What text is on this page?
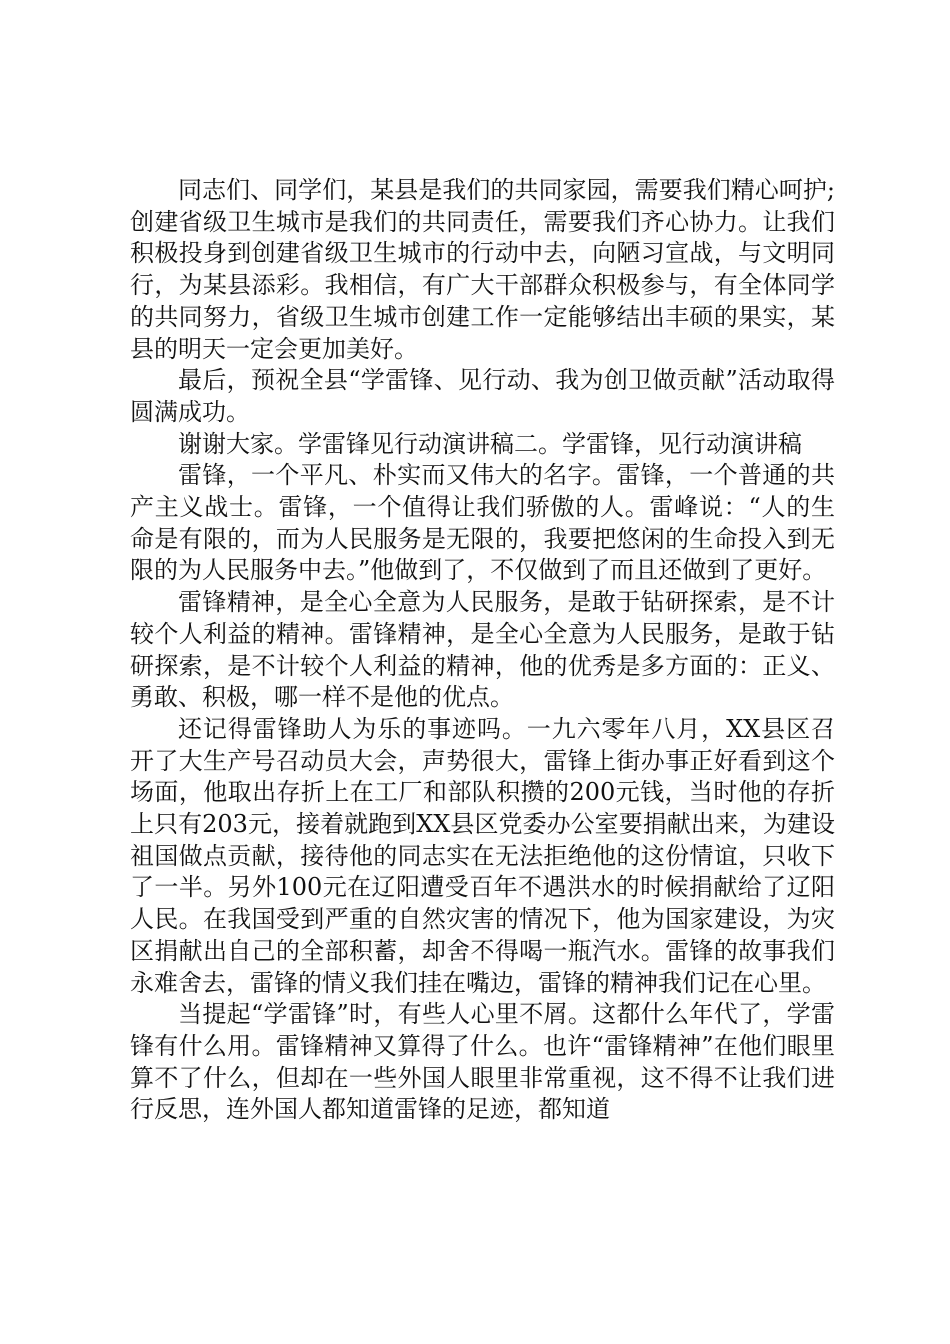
同志们、同学们，某县是我们的共同家园，需要我们精心呵护;创建省级卫生城市是我们的共同责任，需要我们齐心协力。让我们积极投身到创建省级卫生城市的行动中去，向陋习宣战，与文明同行，为某县添彩。我相信，有广大干部群众积极参与，有全体同学的共同努力，省级卫生城市创建工作一定能够结出丰硕的果实，某县的明天一定会更加美好。

最后，预祝全县“学雷锋、见行动、我为创卫做贡献”活动取得圆满成功。

谢谢大家。学雷锋见行动演讲稿二。学雷锋，见行动演讲稿

雷锋，一个平凡、朴实而又伟大的名字。雷锋，一个普通的共产主义战士。雷锋，一个值得让我们骄傲的人。雷峰说：“人的生命是有限的，而为人民服务是无限的，我要把悠闲的生命投入到无限的为人民服务中去。”他做到了，不仅做到了而且还做到了更好。

雷锋精神，是全心全意为人民服务，是敢于钻研探索，是不计较个人利益的精神。雷锋精神，是全心全意为人民服务，是敢于钻研探索，是不计较个人利益的精神，他的优秀是多方面的：正义、勇敢、积极，哪一样不是他的优点。

还记得雷锋助人为乐的事迹吗。一九六零年八月，XX县区召开了大生产号召动员大会，声势很大，雷锋上街办事正好看到这个场面，他取出存折上在工厂和部队积攒的200元钱，当时他的存折上只有203元，接着就跑到XX县区党委办公室要捐献出来，为建设祖国做点贡献，接待他的同志实在无法拒绝他的这份情谊，只收下了一半。另外100元在辽阳遭受百年不遇洪水的时候捐献给了辽阳人民。在我国受到严重的自然灾害的情况下，他为国家建设，为灾区捐献出自己的全部积蓄，却舍不得喝一瓶汽水。雷锋的故事我们永难舍去，雷锋的情义我们挂在嘴边，雷锋的精神我们记在心里。

当提起“学雷锋”时，有些人心里不屑。这都什么年代了，学雷锋有什么用。雷锋精神又算得了什么。也许“雷锋精神”在他们眼里算不了什么，但却在一些外国人眼里非常重视，这不得不让我们进行反思，连外国人都知道雷锋的足迹，都知道
